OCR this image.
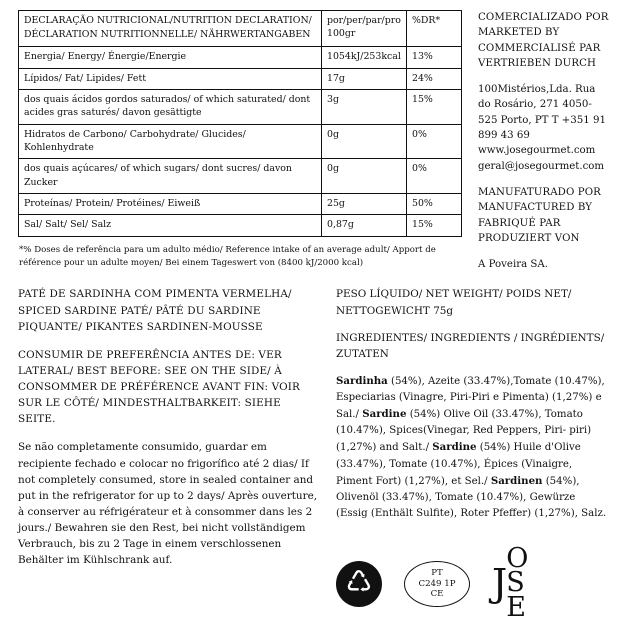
DECLARAÇÃO NUTRICIONAL/NUTRITION DECLARATION/ DÉCLARATION NUTRITIONNELLE/ NÄHRWERTANGABEN	por/per/par/pro 100gr	%DR*
Energia/ Energy/ Énergie/Energie	1054kJ/253kcal	13%
Lípidos/ Fat/ Lipides/ Fett	17g	24%
dos quais ácidos gordos saturados/ of which saturated/ dont acides gras saturés/ davon gesättigte	3g	15%
Hidratos de Carbono/ Carbohydrate/ Glucides/ Kohlenhydrate	0g	0%
dos quais açúcares/ of which sugars/ dont sucres/ davon Zucker	0g	0%
Proteínas/ Protein/ Protéines/ Eiweiß	25g	50%
Sal/ Salt/ Sel/ Salz	0,87g	15%
*% Doses de referência para um adulto médio/ Reference intake of an average adult/ Apport de référence pour un adulte moyen/ Bei einem Tageswert von (8400 kJ/2000 kcal)
COMERCIALIZADO POR MARKETED BY COMMERCIALISÉ PAR VERTRIEBEN DURCH
100Mistérios,Lda. Rua do Rosário, 271 4050-525 Porto, PT T +351 91 899 43 69 www.josegourmet.com geral@josegourmet.com
MANUFATURADO POR MANUFACTURED BY FABRIQUÉ PAR PRODUZIERT VON
A Poveira SA.
PATÉ DE SARDINHA COM PIMENTA VERMELHA/ SPICED SARDINE PATÉ/ PÂTÉ DU SARDINE PIQUANTE/ PIKANTES SARDINEN-MOUSSE
CONSUMIR DE PREFERÊNCIA ANTES DE: VER LATERAL/ BEST BEFORE: SEE ON THE SIDE/ À CONSOMMER DE PRÉFÉRENCE AVANT FIN: VOIR SUR LE CÔTÉ/ MINDESTHALTBARKEIT: SIEHE SEITE.
Se não completamente consumido, guardar em recipiente fechado e colocar no frigorífico até 2 dias/ If not completely consumed, store in sealed container and put in the refrigerator for up to 2 days/ Après ouverture, à conserver au réfrigérateur et à consommer dans les 2 jours./ Bewahren sie den Rest, bei nicht vollständigem Verbrauch, bis zu 2 Tage in einem verschlossenen Behälter im Kühlschrank auf.
PESO LÍQUIDO/ NET WEIGHT/ POIDS NET/ NETTOGEWICHT 75g
INGREDIENTES/ INGREDIENTS / INGRÉDIENTS/ ZUTATEN
Sardinha (54%), Azeite (33.47%),Tomate (10.47%), Especiarias (Vinagre, Piri-Piri e Pimenta) (1,27%) e Sal./ Sardine (54%) Olive Oil (33.47%), Tomato (10.47%), Spices(Vinegar, Red Peppers, Piri- piri) (1,27%) and Salt./ Sardine (54%) Huile d'Olive (33.47%), Tomate (10.47%), Épices (Vinaigre, Piment Fort) (1,27%), et Sel./ Sardinen (54%), Olivenöl (33.47%), Tomate (10.47%), Gewürze (Essig (Enthält Sulfite), Roter Pfeffer) (1,27%), Salz.
♺	PT
C249 1P
CE J
O
S
E
